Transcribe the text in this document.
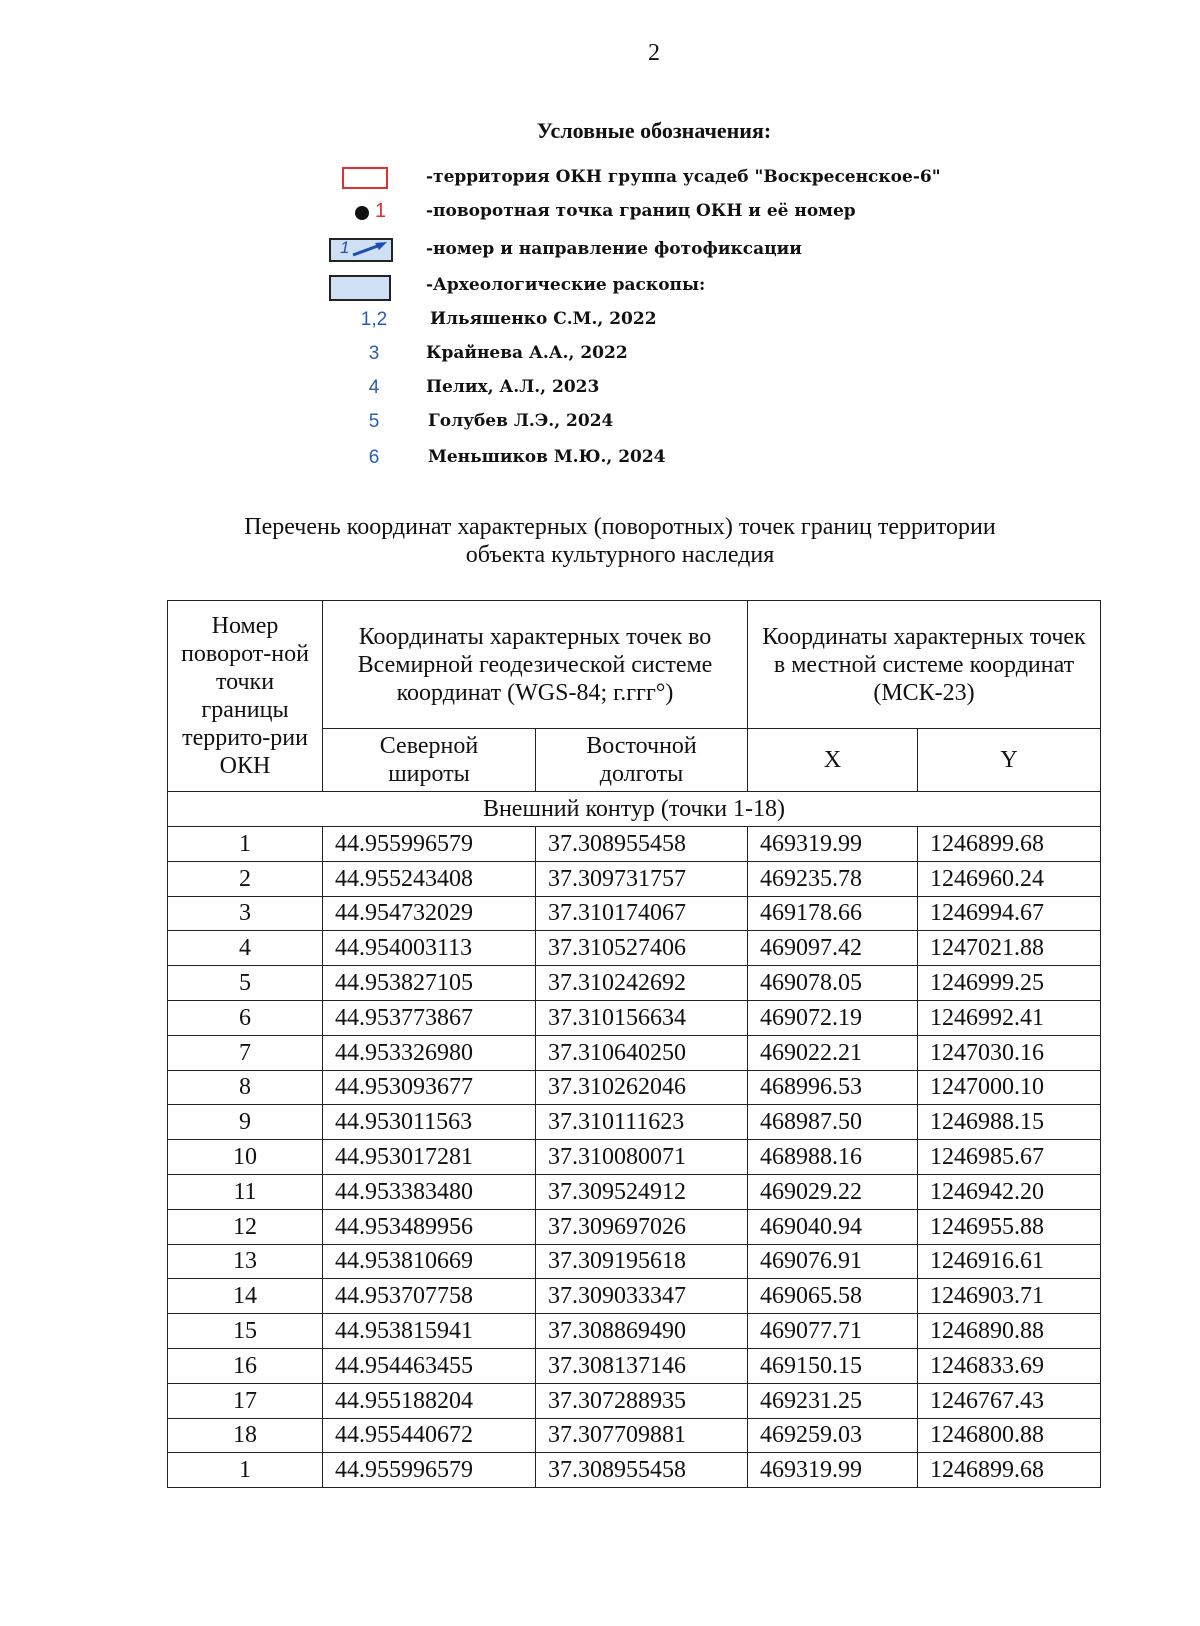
2
Условные обозначения:
-территория ОКН группа усадеб "Воскресенское-6"
1 -поворотная точка границ ОКН и её номер
1	-номер и направление фотофиксации
-Археологические раскопы:
1,2	Ильяшенко С.М., 2022
3	Крайнева А.А., 2022
4	Пелих, А.Л., 2023
5	Голубев Л.Э., 2024
6	Меньшиков М.Ю., 2024
Перечень координат характерных (поворотных) точек границ территории
объекта культурного наследия
Номер поворот-ной точки границы террито-рии ОКН	Координаты характерных точек во Всемирной геодезической системе координат (WGS-84; г.ггг°)		Координаты характерных точек в местной системе координат (МСК-23)	

	Северной широты	Восточной долготы	X	Y
Внешний контур (точки 1-18)				
1	44.955996579	37.308955458	469319.99	1246899.68
2	44.955243408	37.309731757	469235.78	1246960.24
3	44.954732029	37.310174067	469178.66	1246994.67
4	44.954003113	37.310527406	469097.42	1247021.88
5	44.953827105	37.310242692	469078.05	1246999.25
6	44.953773867	37.310156634	469072.19	1246992.41
7	44.953326980	37.310640250	469022.21	1247030.16
8	44.953093677	37.310262046	468996.53	1247000.10
9	44.953011563	37.310111623	468987.50	1246988.15
10	44.953017281	37.310080071	468988.16	1246985.67
11	44.953383480	37.309524912	469029.22	1246942.20
12	44.953489956	37.309697026	469040.94	1246955.88
13	44.953810669	37.309195618	469076.91	1246916.61
14	44.953707758	37.309033347	469065.58	1246903.71
15	44.953815941	37.308869490	469077.71	1246890.88
16	44.954463455	37.308137146	469150.15	1246833.69
17	44.955188204	37.307288935	469231.25	1246767.43
18	44.955440672	37.307709881	469259.03	1246800.88
1	44.955996579	37.308955458	469319.99	1246899.68
